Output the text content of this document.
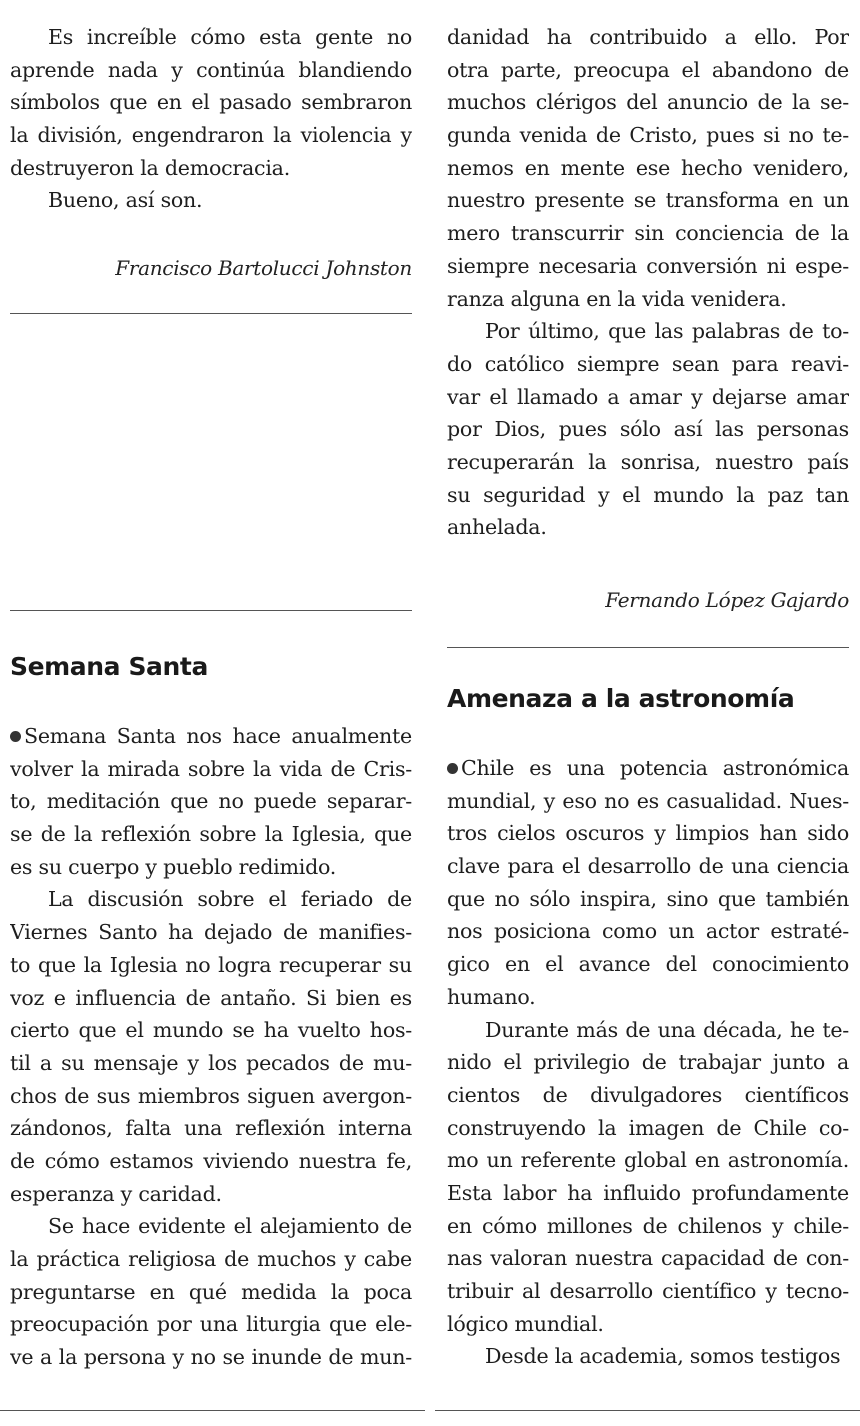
Es increíble cómo esta gente no
aprende nada y continúa blandiendo
símbolos que en el pasado sembraron
la división, engendraron la violencia y
destruyeron la democracia.
Bueno, así son.
Francisco Bartolucci Johnston
Semana Santa
Semana Santa nos hace anualmente
volver la mirada sobre la vida de Cris-
to, meditación que no puede separar-
se de la reflexión sobre la Iglesia, que
es su cuerpo y pueblo redimido.
La discusión sobre el feriado de
Viernes Santo ha dejado de manifies-
to que la Iglesia no logra recuperar su
voz e influencia de antaño. Si bien es
cierto que el mundo se ha vuelto hos-
til a su mensaje y los pecados de mu-
chos de sus miembros siguen avergon-
zándonos, falta una reflexión interna
de cómo estamos viviendo nuestra fe,
esperanza y caridad.
Se hace evidente el alejamiento de
la práctica religiosa de muchos y cabe
preguntarse en qué medida la poca
preocupación por una liturgia que ele-
ve a la persona y no se inunde de mun-
danidad ha contribuido a ello. Por
otra parte, preocupa el abandono de
muchos clérigos del anuncio de la se-
gunda venida de Cristo, pues si no te-
nemos en mente ese hecho venidero,
nuestro presente se transforma en un
mero transcurrir sin conciencia de la
siempre necesaria conversión ni espe-
ranza alguna en la vida venidera.
Por último, que las palabras de to-
do católico siempre sean para reavi-
var el llamado a amar y dejarse amar
por Dios, pues sólo así las personas
recuperarán la sonrisa, nuestro país
su seguridad y el mundo la paz tan
anhelada.
Fernando López Gajardo
Amenaza a la astronomía
Chile es una potencia astronómica
mundial, y eso no es casualidad. Nues-
tros cielos oscuros y limpios han sido
clave para el desarrollo de una ciencia
que no sólo inspira, sino que también
nos posiciona como un actor estraté-
gico en el avance del conocimiento
humano.
Durante más de una década, he te-
nido el privilegio de trabajar junto a
cientos de divulgadores científicos
construyendo la imagen de Chile co-
mo un referente global en astronomía.
Esta labor ha influido profundamente
en cómo millones de chilenos y chile-
nas valoran nuestra capacidad de con-
tribuir al desarrollo científico y tecno-
lógico mundial.
Desde la academia, somos testigos
